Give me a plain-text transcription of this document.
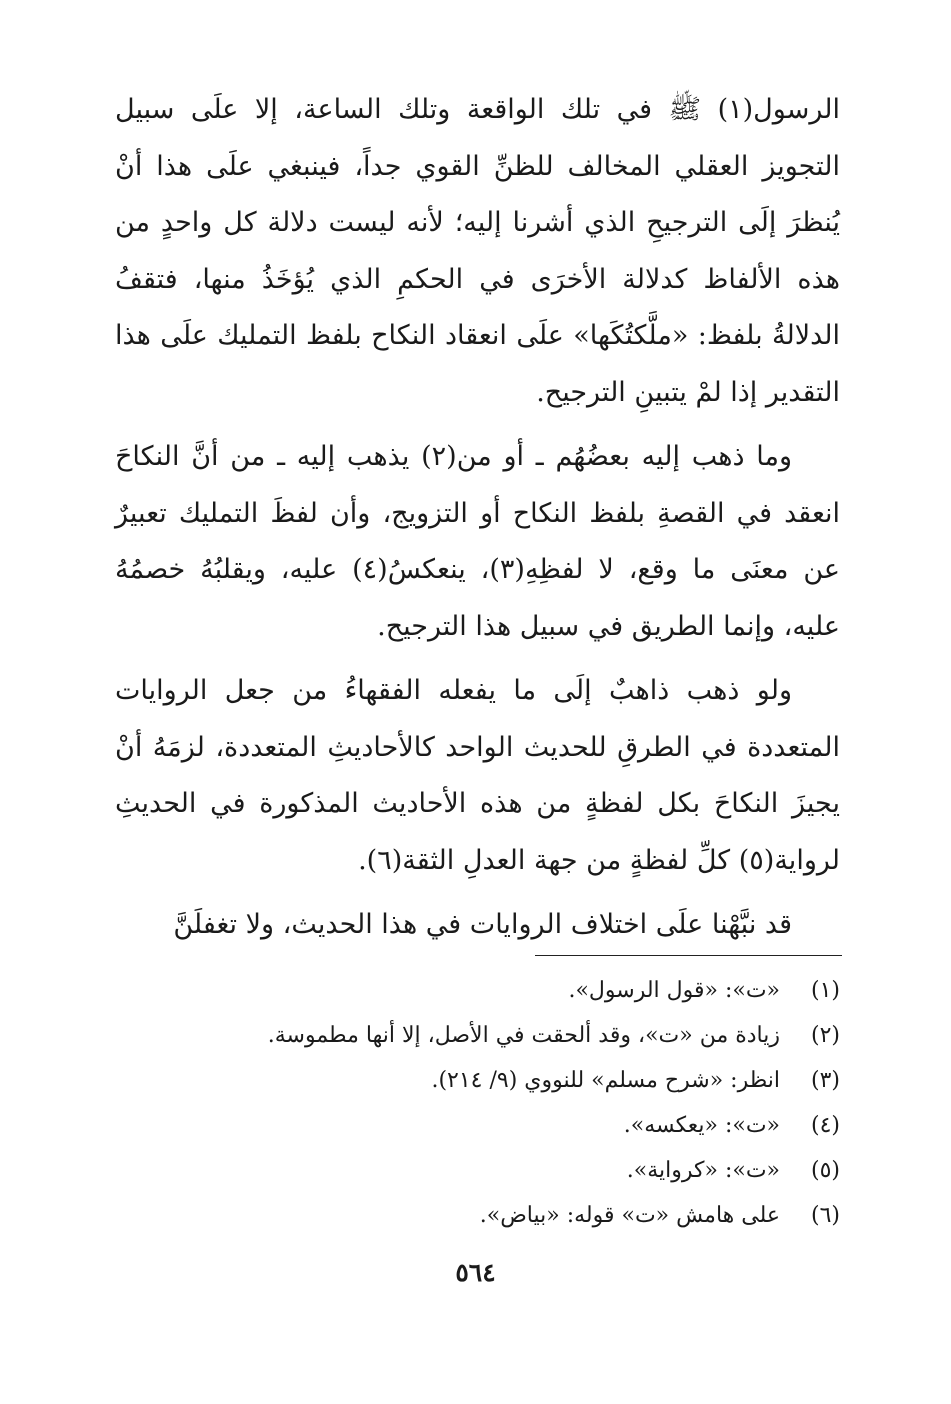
الرسول(١) ﷺ في تلك الواقعة وتلك الساعة، إلا علَى سبيل التجويز العقلي المخالف للظنِّ القوي جداً، فينبغي علَى هذا أنْ يُنظرَ إلَى الترجيحِ الذي أشرنا إليه؛ لأنه ليست دلالة كل واحدٍ من هذه الألفاظ كدلالة الأخرَى في الحكمِ الذي يُؤخَذُ منها، فتقفُ الدلالةُ بلفظ: «ملَّكتُكَها» علَى انعقاد النكاح بلفظ التمليك علَى هذا التقدير إذا لمْ يتبينِ الترجيح.

وما ذهب إليه بعضُهُم ـ أو من(٢) يذهب إليه ـ من أنَّ النكاحَ انعقد في القصةِ بلفظ النكاح أو التزويج، وأن لفظَ التمليك تعبيرٌ عن معنَى ما وقع، لا لفظِهِ(٣)، ينعكسُ(٤) عليه، ويقلبُهُ خصمُهُ عليه، وإنما الطريق في سبيل هذا الترجيح.

ولو ذهب ذاهبٌ إلَى ما يفعله الفقهاءُ من جعل الروايات المتعددة في الطرقِ للحديث الواحد كالأحاديثِ المتعددة، لزمَهُ أنْ يجيزَ النكاحَ بكل لفظةٍ من هذه الأحاديث المذكورة في الحديثِ لرواية(٥) كلِّ لفظةٍ من جهة العدلِ الثقة(٦).

قد نبَّهْنا علَى اختلاف الروايات في هذا الحديث، ولا تغفلَنَّ

(١)
«ت»: «قول الرسول».
(٢)
زيادة من «ت»، وقد ألحقت في الأصل، إلا أنها مطموسة.
(٣)
انظر: «شرح مسلم» للنووي (٩/ ٢١٤).
(٤)
«ت»: «يعكسه».
(٥)
«ت»: «كرواية».
(٦)
على هامش «ت» قوله: «بياض».
٥٦٤
